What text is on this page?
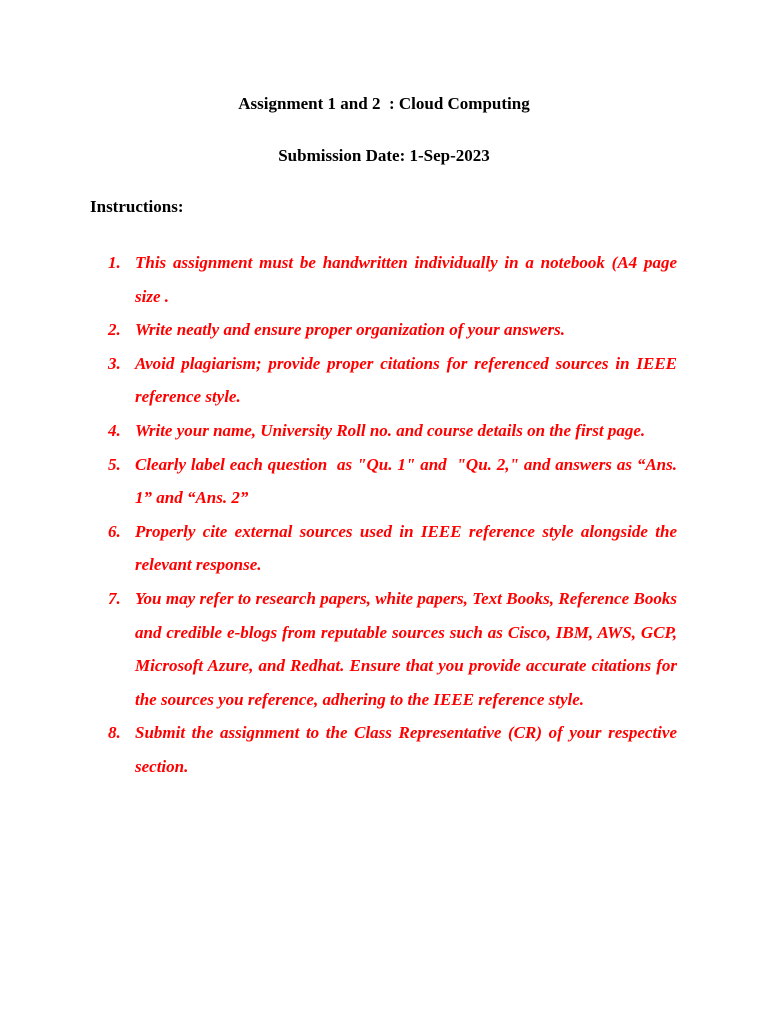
Assignment 1 and 2  : Cloud Computing
Submission Date: 1-Sep-2023
Instructions:
1. This assignment must be handwritten individually in a notebook (A4 page size .
2. Write neatly and ensure proper organization of your answers.
3. Avoid plagiarism; provide proper citations for referenced sources in IEEE reference style.
4. Write your name, University Roll no. and course details on the first page.
5. Clearly label each question  as "Qu. 1" and  "Qu. 2," and answers as “Ans. 1” and “Ans. 2”
6. Properly cite external sources used in IEEE reference style alongside the relevant response.
7. You may refer to research papers, white papers, Text Books, Reference Books  and credible e-blogs from reputable sources such as Cisco, IBM, AWS, GCP, Microsoft Azure, and Redhat. Ensure that you provide accurate citations for the sources you reference, adhering to the IEEE reference style.
8. Submit the assignment to the Class Representative (CR) of your respective section.
